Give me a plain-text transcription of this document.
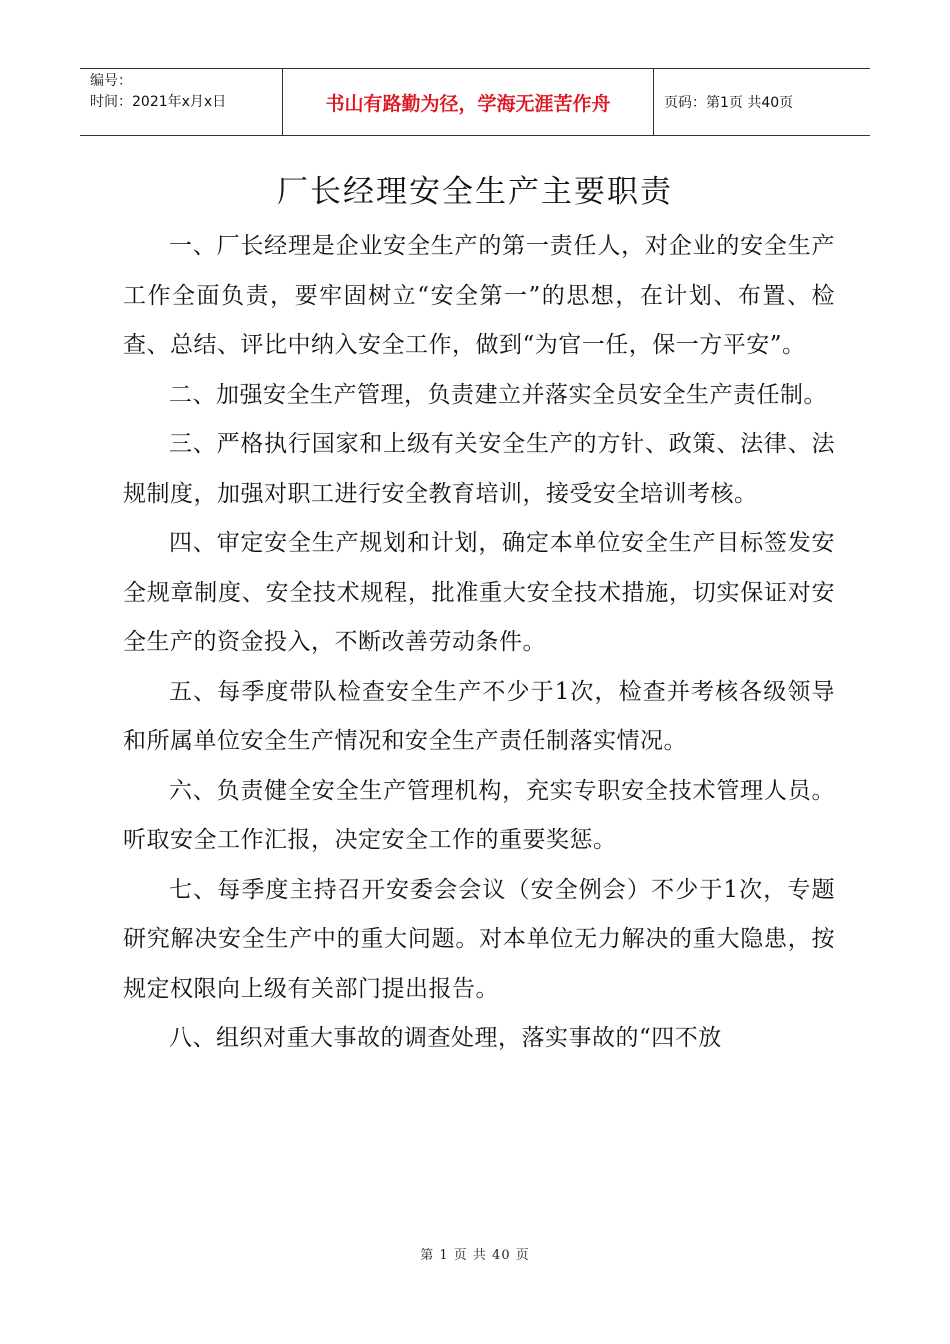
编号：
时间：2021年x月x日	书山有路勤为径，学海无涯苦作舟	页码：第1页 共40页
厂长经理安全生产主要职责

一、厂长经理是企业安全生产的第一责任人，对企业的安全生产工作全面负责，要牢固树立“安全第一”的思想，在计划、布置、检查、总结、评比中纳入安全工作，做到“为官一任，保一方平安”。

二、加强安全生产管理，负责建立并落实全员安全生产责任制。

三、严格执行国家和上级有关安全生产的方针、政策、法律、法规制度，加强对职工进行安全教育培训，接受安全培训考核。

四、审定安全生产规划和计划，确定本单位安全生产目标签发安全规章制度、安全技术规程，批准重大安全技术措施，切实保证对安全生产的资金投入，不断改善劳动条件。

五、每季度带队检查安全生产不少于1次，检查并考核各级领导和所属单位安全生产情况和安全生产责任制落实情况。

六、负责健全安全生产管理机构，充实专职安全技术管理人员。听取安全工作汇报，决定安全工作的重要奖惩。

七、每季度主持召开安委会会议（安全例会）不少于1次，专题研究解决安全生产中的重大问题。对本单位无力解决的重大隐患，按规定权限向上级有关部门提出报告。

八、组织对重大事故的调查处理，落实事故的“四不放

第 1 页 共 40 页
